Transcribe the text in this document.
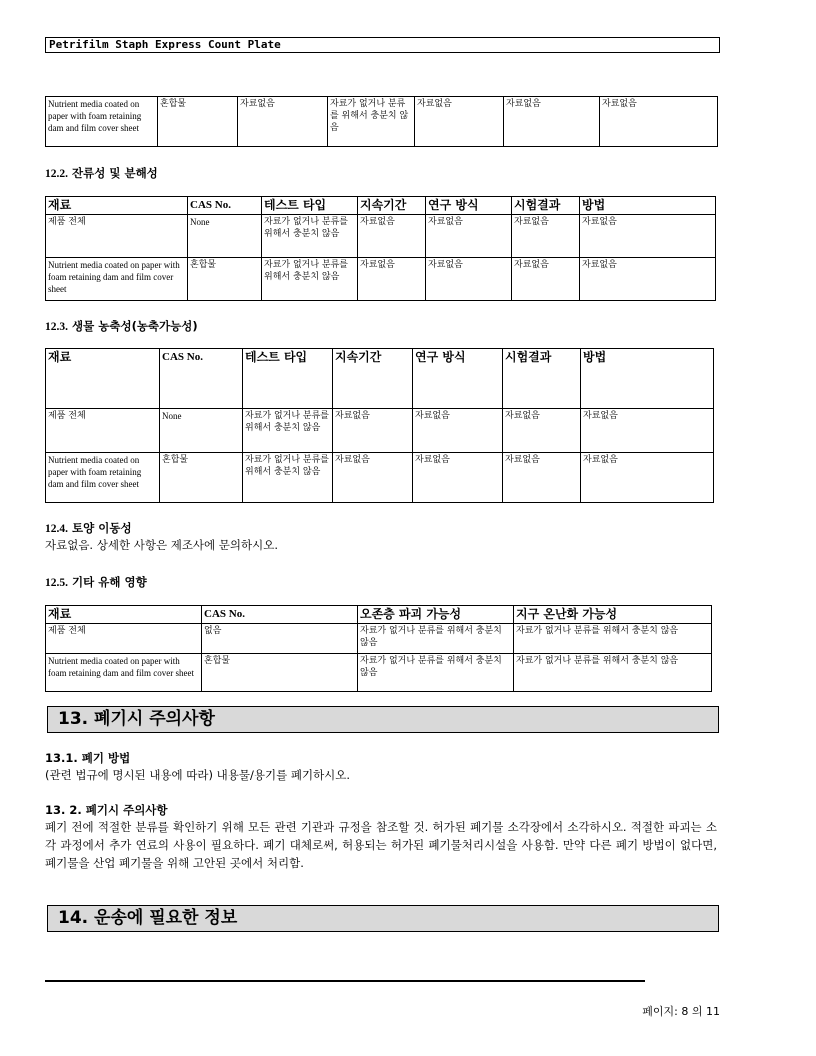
Petrifilm Staph Express Count Plate
Nutrient media coated on paper with foam retaining dam and film cover sheet	혼합물	자료없음	자료가 없거나 분류를 위해서 충분치 않음	자료없음	자료없음	자료없음
12.2. 잔류성 및 분해성
재료	CAS No.	테스트 타입	지속기간	연구 방식	시험결과	방법
제품 전체	None	자료가 없거나 분류를 위해서 충분치 않음	자료없음	자료없음	자료없음	자료없음
Nutrient media coated on paper with foam retaining dam and film cover sheet	혼합물	자료가 없거나 분류를 위해서 충분치 않음	자료없음	자료없음	자료없음	자료없음
12.3. 생물 농축성(농축가능성)
재료	CAS No.	테스트 타입	지속기간	연구 방식	시험결과	방법
제품 전체	None	자료가 없거나 분류를 위해서 충분치 않음	자료없음	자료없음	자료없음	자료없음
Nutrient media coated on paper with foam retaining dam and film cover sheet	혼합물	자료가 없거나 분류를 위해서 충분치 않음	자료없음	자료없음	자료없음	자료없음
12.4. 토양 이동성
자료없음. 상세한 사항은 제조사에 문의하시오.
12.5. 기타 유해 영향
재료	CAS No.	오존층 파괴 가능성	지구 온난화 가능성
제품 전체	없음	자료가 없거나 분류를 위해서 충분치 않음	자료가 없거나 분류를 위해서 충분치 않음
Nutrient media coated on paper with foam retaining dam and film cover sheet	혼합물	자료가 없거나 분류를 위해서 충분치 않음	자료가 없거나 분류를 위해서 충분치 않음
13. 폐기시 주의사항
13.1. 폐기 방법
(관련 법규에 명시된 내용에 따라) 내용물/용기를 폐기하시오.
13. 2. 폐기시 주의사항
폐기 전에 적절한 분류를 확인하기 위해 모든 관련 기관과 규정을 참조할 것. 허가된 폐기물 소각장에서 소각하시오. 적절한 파괴는 소각 과정에서 추가 연료의 사용이 필요하다. 폐기 대체로써, 허용되는 허가된 폐기물처리시설을 사용함. 만약 다른 폐기 방법이 없다면, 폐기물을 산업 폐기물을 위해 고안된 곳에서 처리함.
14. 운송에 필요한 정보
페이지: 8 의 11
